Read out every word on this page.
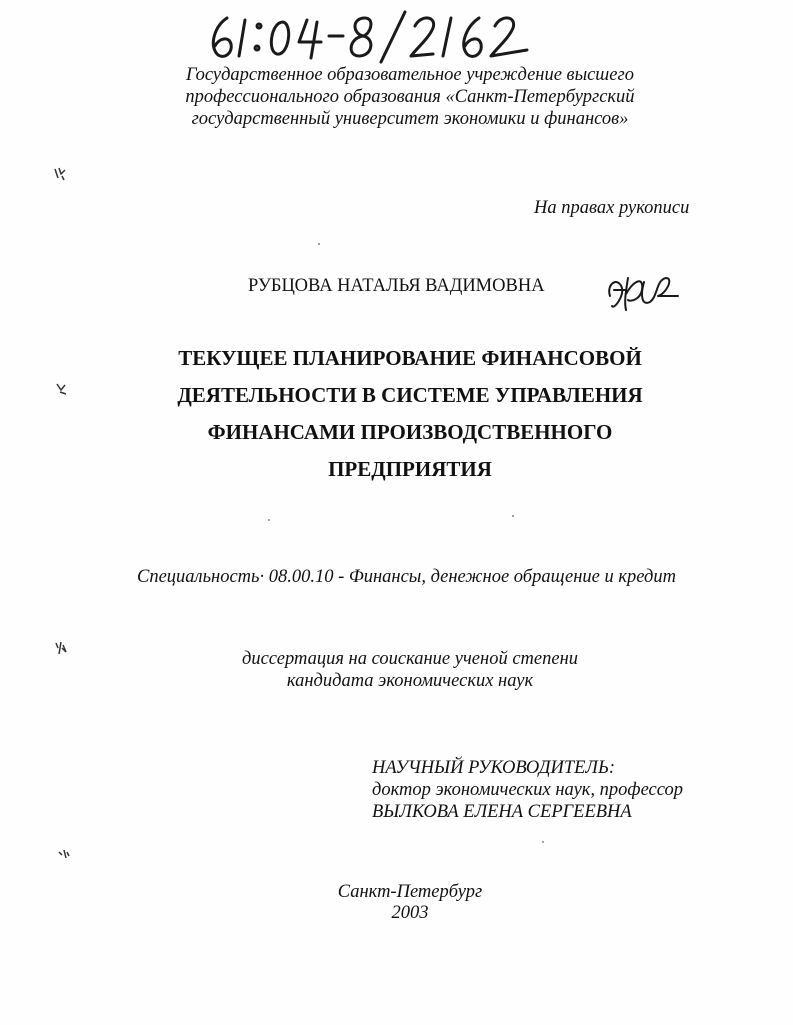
Государственное образовательное учреждение высшего
профессионального образования «Санкт-Петербургский
государственный университет экономики и финансов»
На правах рукописи
РУБЦОВА НАТАЛЬЯ ВАДИМОВНА
ТЕКУЩЕЕ ПЛАНИРОВАНИЕ ФИНАНСОВОЙ
ДЕЯТЕЛЬНОСТИ В СИСТЕМЕ УПРАВЛЕНИЯ
ФИНАНСАМИ ПРОИЗВОДСТВЕННОГО
ПРЕДПРИЯТИЯ
Специальность· 08.00.10 - Финансы, денежное обращение и кредит
диссертация на соискание ученой степени
кандидата экономических наук
НАУЧНЫЙ РУКОВОДИТЕЛЬ:
доктор экономических наук, профессор
ВЫЛКОВА ЕЛЕНА СЕРГЕЕВНА
Санкт-Петербург
2003
